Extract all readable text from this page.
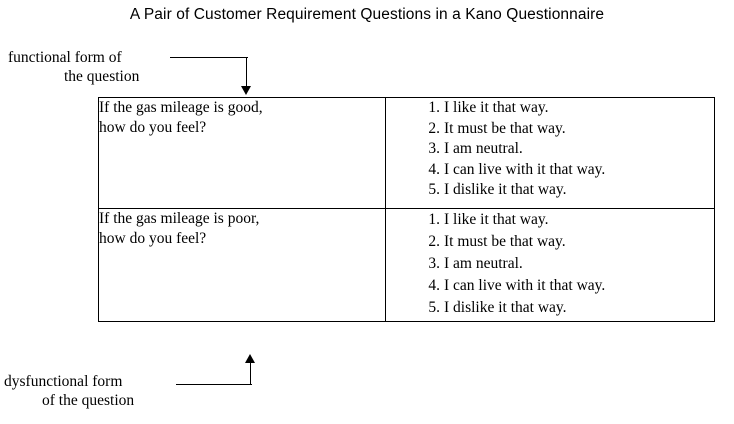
A Pair of Customer Requirement Questions in a Kano Questionnaire
functional form of
the question
dysfunctional form
of the question
If the gas mileage is good,
how do you feel?

1. I like it that way.
2. It must be that way.
3. I am neutral.
4. I can live with it that way.
5. I dislike it that way.

If the gas mileage is poor,
how do you feel?

1. I like it that way.
2. It must be that way.
3. I am neutral.
4. I can live with it that way.
5. I dislike it that way.
